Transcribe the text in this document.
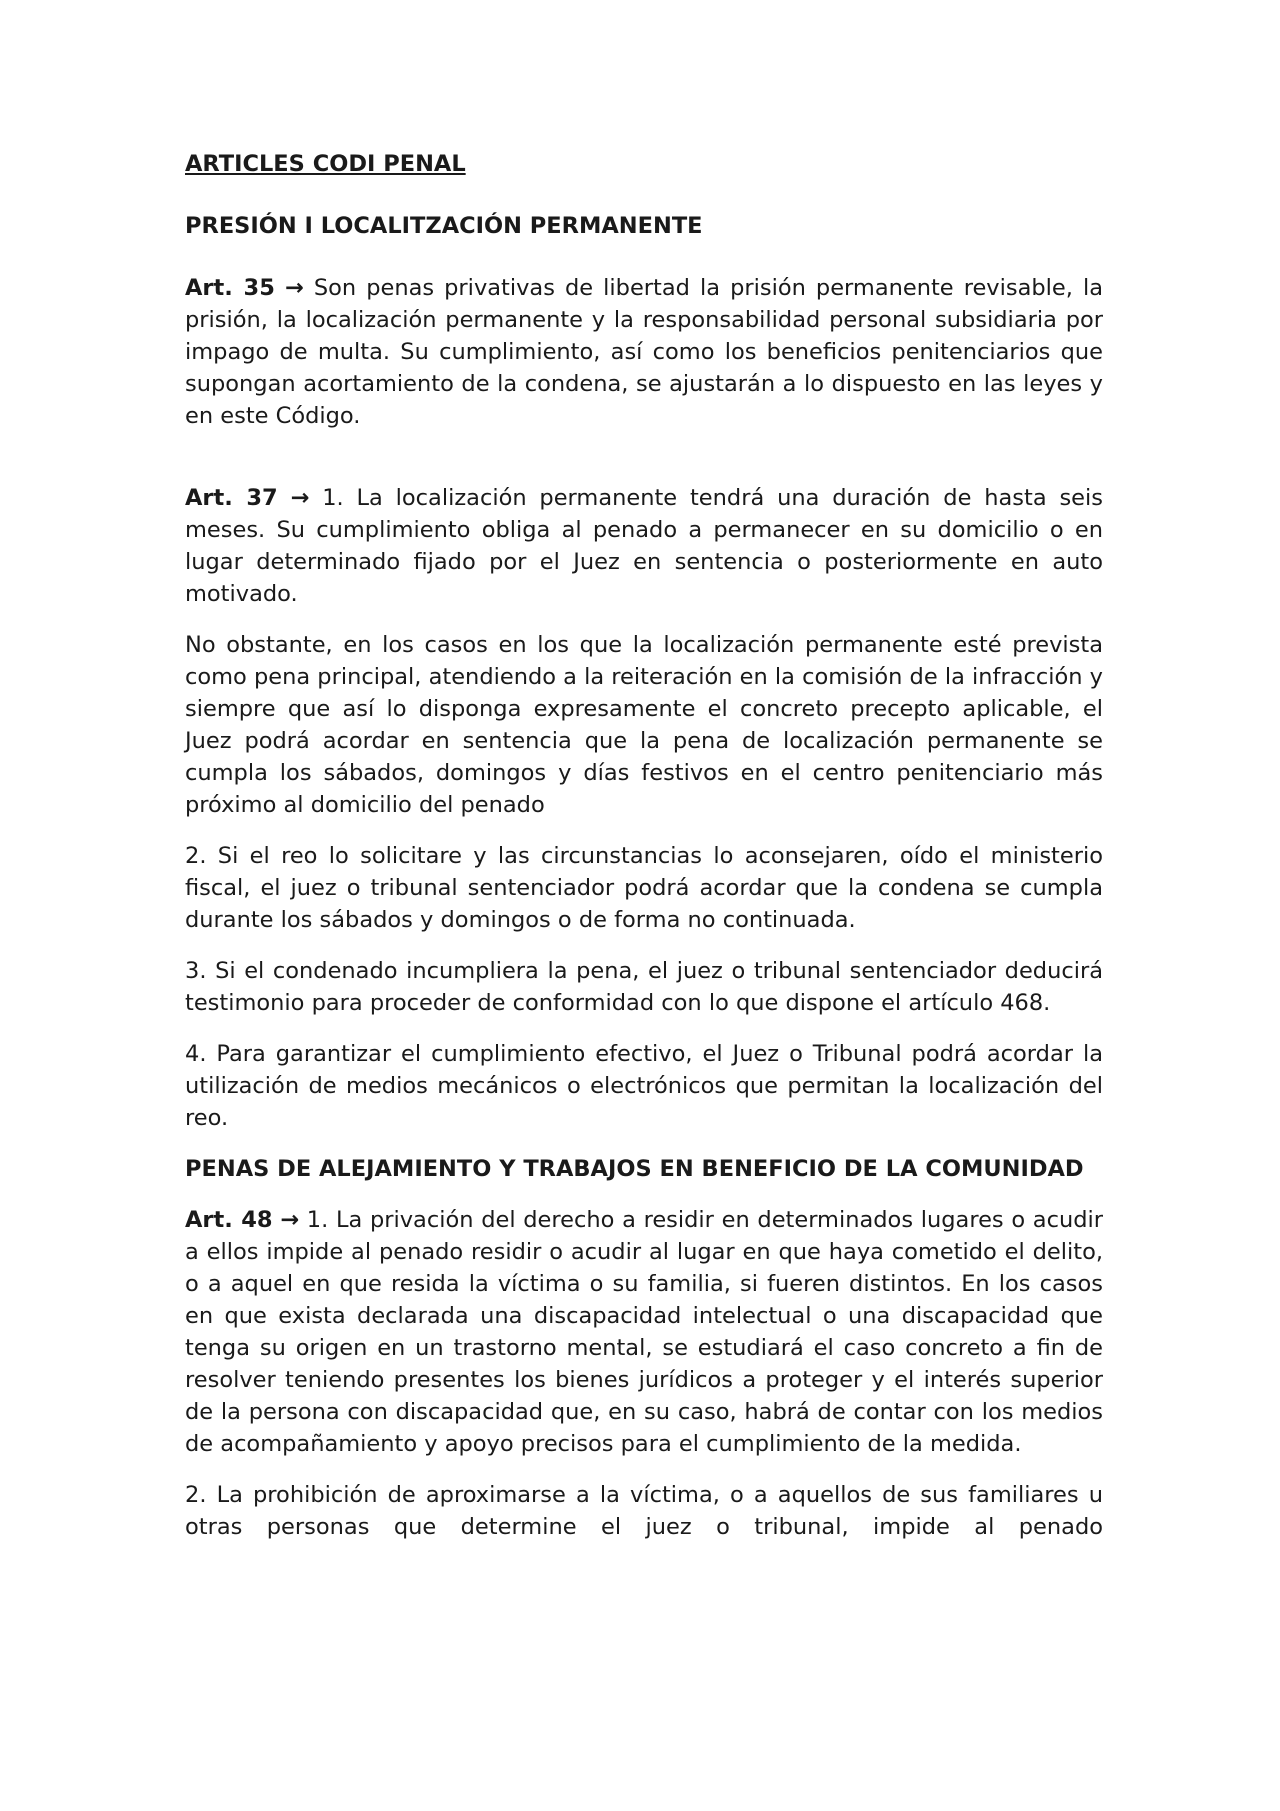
ARTICLES CODI PENAL
PRESIÓN I LOCALITZACIÓN PERMANENTE

Art. 35 → Son penas privativas de libertad la prisión permanente revisable, la prisión, la localización permanente y la responsabilidad personal subsidiaria por impago de multa. Su cumplimiento, así como los beneficios penitenciarios que supongan acortamiento de la condena, se ajustarán a lo dispuesto en las leyes y en este Código.

Art. 37 → 1. La localización permanente tendrá una duración de hasta seis meses. Su cumplimiento obliga al penado a permanecer en su domicilio o en lugar determinado fijado por el Juez en sentencia o posteriormente en auto motivado.

No obstante, en los casos en los que la localización permanente esté prevista como pena principal, atendiendo a la reiteración en la comisión de la infracción y siempre que así lo disponga expresamente el concreto precepto aplicable, el Juez podrá acordar en sentencia que la pena de localización permanente se cumpla los sábados, domingos y días festivos en el centro penitenciario más próximo al domicilio del penado

2. Si el reo lo solicitare y las circunstancias lo aconsejaren, oído el ministerio fiscal, el juez o tribunal sentenciador podrá acordar que la condena se cumpla durante los sábados y domingos o de forma no continuada.

3. Si el condenado incumpliera la pena, el juez o tribunal sentenciador deducirá testimonio para proceder de conformidad con lo que dispone el artículo 468.

4. Para garantizar el cumplimiento efectivo, el Juez o Tribunal podrá acordar la utilización de medios mecánicos o electrónicos que permitan la localización del reo.

PENAS DE ALEJAMIENTO Y TRABAJOS EN BENEFICIO DE LA COMUNIDAD

Art. 48 → 1. La privación del derecho a residir en determinados lugares o acudir a ellos impide al penado residir o acudir al lugar en que haya cometido el delito, o a aquel en que resida la víctima o su familia, si fueren distintos. En los casos en que exista declarada una discapacidad intelectual o una discapacidad que tenga su origen en un trastorno mental, se estudiará el caso concreto a fin de resolver teniendo presentes los bienes jurídicos a proteger y el interés superior de la persona con discapacidad que, en su caso, habrá de contar con los medios de acompañamiento y apoyo precisos para el cumplimiento de la medida.

2. La prohibición de aproximarse a la víctima, o a aquellos de sus familiares u otras personas que determine el juez o tribunal, impide al penado
